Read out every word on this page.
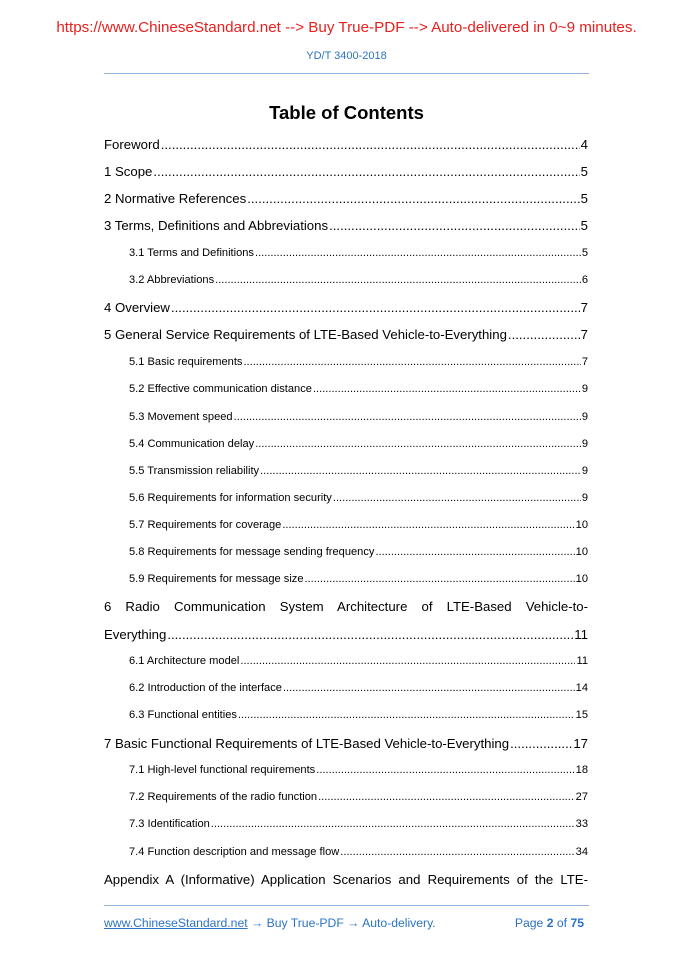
https://www.ChineseStandard.net --> Buy True-PDF --> Auto-delivered in 0~9 minutes.
YD/T 3400-2018
Table of Contents
Foreword .....	4
1 Scope .....	5
2 Normative References .....	5
3 Terms, Definitions and Abbreviations .....	5
3.1 Terms and Definitions .....	5
3.2 Abbreviations .....	6
4 Overview .....	7
5 General Service Requirements of LTE-Based Vehicle-to-Everything .....	7
5.1 Basic requirements .....	7
5.2 Effective communication distance .....	9
5.3 Movement speed .....	9
5.4 Communication delay .....	9
5.5 Transmission reliability .....	9
5.6 Requirements for information security .....	9
5.7 Requirements for coverage .....	10
5.8 Requirements for message sending frequency .....	10
5.9 Requirements for message size .....	10
6 Radio Communication System Architecture of LTE-Based Vehicle-to-
Everything .....	11
6.1 Architecture model .....	11
6.2 Introduction of the interface .....	14
6.3 Functional entities .....	15
7 Basic Functional Requirements of LTE-Based Vehicle-to-Everything .....	17
7.1 High-level functional requirements .....	18
7.2 Requirements of the radio function .....	27
7.3 Identification .....	33
7.4 Function description and message flow .....	34
Appendix A (Informative) Application Scenarios and Requirements of the LTE-
www.ChineseStandard.net → Buy True-PDF → Auto-delivery.	Page 2 of 75
